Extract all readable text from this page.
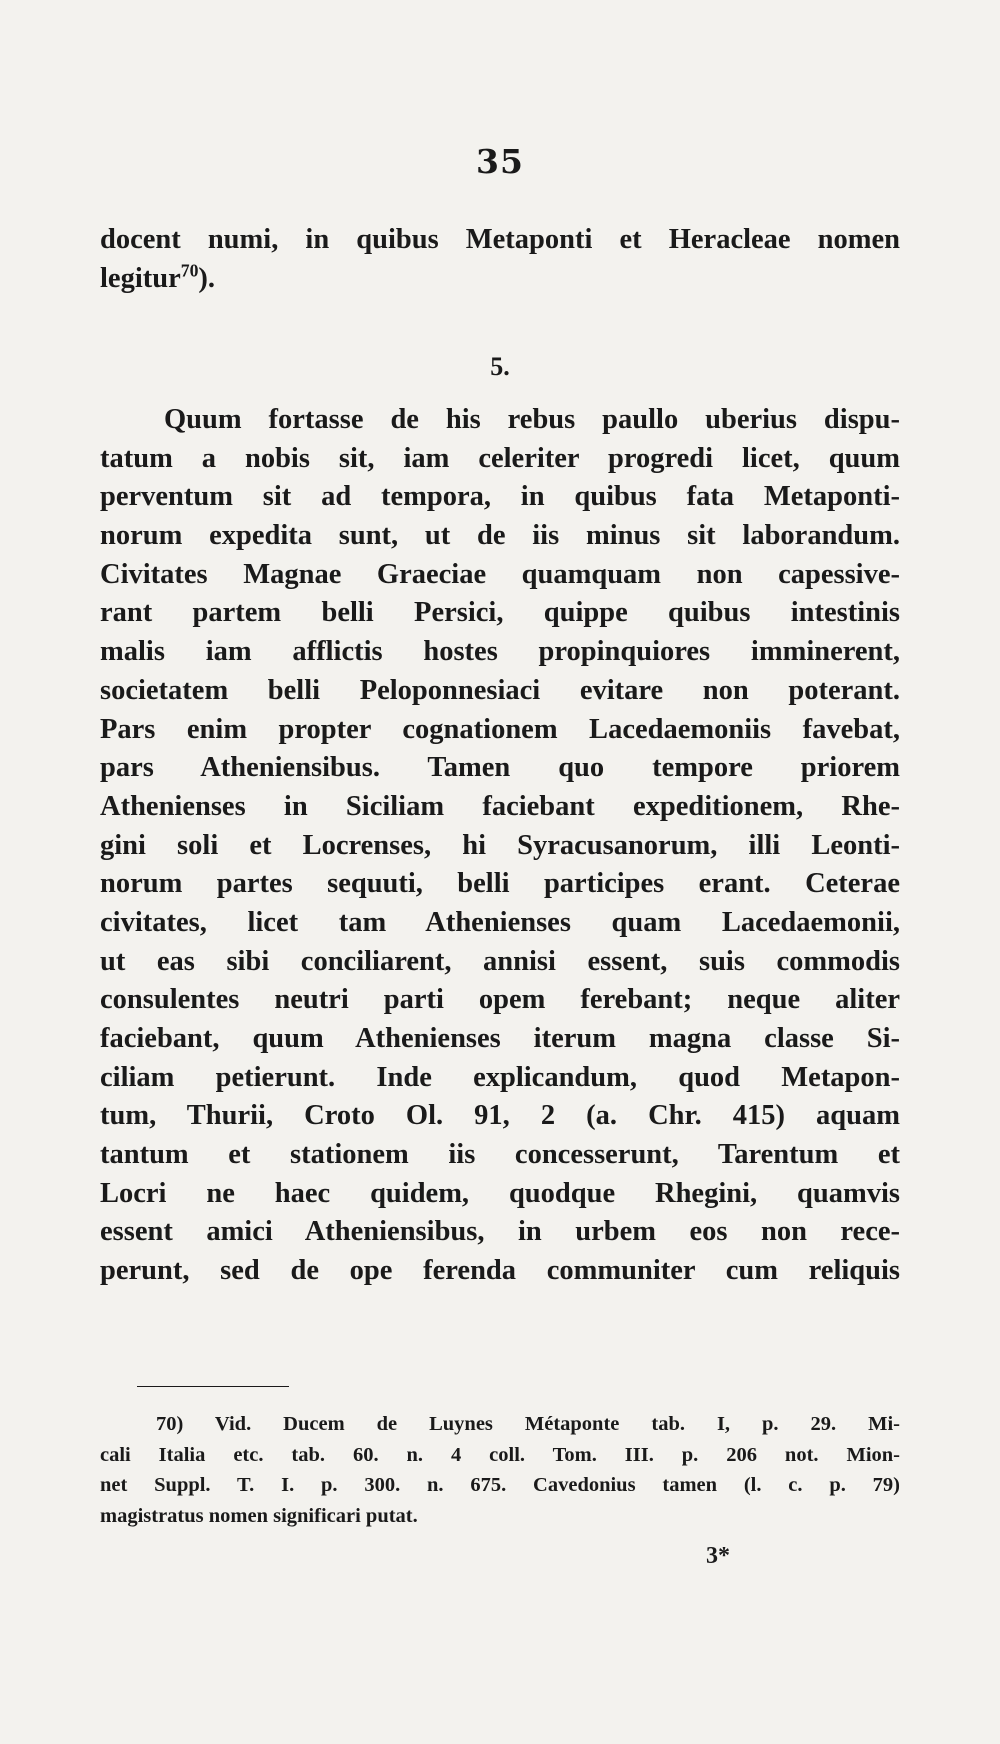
35
docent numi, in quibus Metaponti et Heracleae nomen
legitur$^{70}$).
5.
Quum fortasse de his rebus paullo uberius dispu-
tatum a nobis sit, iam celeriter progredi licet, quum
perventum sit ad tempora, in quibus fata Metaponti-
norum expedita sunt, ut de iis minus sit laborandum.
Civitates Magnae Graeciae quamquam non capessive-
rant partem belli Persici, quippe quibus intestinis
malis iam afflictis hostes propinquiores imminerent,
societatem belli Peloponnesiaci evitare non poterant.
Pars enim propter cognationem Lacedaemoniis favebat,
pars Atheniensibus. Tamen quo tempore priorem
Athenienses in Siciliam faciebant expeditionem, Rhe-
gini soli et Locrenses, hi Syracusanorum, illi Leonti-
norum partes sequuti, belli participes erant. Ceterae
civitates, licet tam Athenienses quam Lacedaemonii,
ut eas sibi conciliarent, annisi essent, suis commodis
consulentes neutri parti opem ferebant; neque aliter
faciebant, quum Athenienses iterum magna classe Si-
ciliam petierunt. Inde explicandum, quod Metapon-
tum, Thurii, Croto Ol. 91, 2 (a. Chr. 415) aquam
tantum et stationem iis concesserunt, Tarentum et
Locri ne haec quidem, quodque Rhegini, quamvis
essent amici Atheniensibus, in urbem eos non rece-
perunt, sed de ope ferenda communiter cum reliquis
70) Vid. Ducem de Luynes Métaponte tab. I, p. 29. Mi-
cali Italia etc. tab. 60. n. 4 coll. Tom. III. p. 206 not. Mion-
net Suppl. T. I. p. 300. n. 675. Cavedonius tamen (l. c. p. 79)
magistratus nomen significari putat.
3*
